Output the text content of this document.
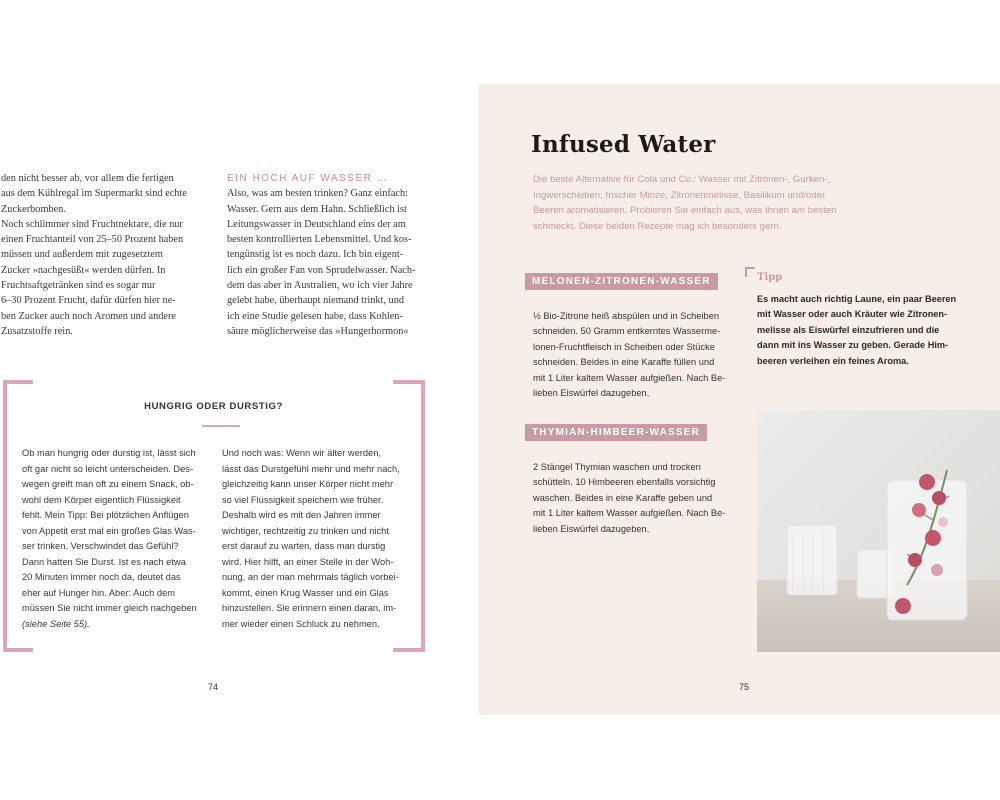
den nicht besser ab, vor allem die fertigen

aus dem Kühlregal im Supermarkt sind echte

Zuckerbomben.

Noch schlimmer sind Fruchtnektare, die nur

einen Fruchtanteil von 25–50 Prozent haben

müssen und außerdem mit zugesetztem

Zucker »nachgesüßt« werden dürfen. In

Fruchtsaftgetränken sind es sogar nur

6–30 Prozent Frucht, dafür dürfen hier ne-

ben Zucker auch noch Aromen und andere

Zusatzstoffe rein.

EIN HOCH AUF WASSER …

Also, was am besten trinken? Ganz einfach:

Wasser. Gern aus dem Hahn. Schließlich ist

Leitungswasser in Deutschland eins der am

besten kontrollierten Lebensmittel. Und kos-

tengünstig ist es noch dazu. Ich bin eigent-

lich ein großer Fan von Sprudelwasser. Nach-

dem das aber in Australien, wo ich vier Jahre

gelebt habe, überhaupt niemand trinkt, und

ich eine Studie gelesen habe, dass Kohlen-

säure möglicherweise das »Hungerhormon«

HUNGRIG ODER DURSTIG?

Ob man hungrig oder durstig ist, lässt sich

oft gar nicht so leicht unterscheiden. Des-

wegen greift man oft zu einem Snack, ob-

wohl dem Körper eigentlich Flüssigkeit

fehlt. Mein Tipp: Bei plötzlichen Anflügen

von Appetit erst mal ein großes Glas Was-

ser trinken. Verschwindet das Gefühl?

Dann hatten Sie Durst. Ist es nach etwa

20 Minuten immer noch da, deutet das

eher auf Hunger hin. Aber: Auch dem

müssen Sie nicht immer gleich nachgeben

(siehe Seite 55).

Und noch was: Wenn wir älter werden,

lässt das Durstgefühl mehr und mehr nach,

gleichzeitig kann unser Körper nicht mehr

so viel Flüssigkeit speichern wie früher.

Deshalb wird es mit den Jahren immer

wichtiger, rechtzeitig zu trinken und nicht

erst darauf zu warten, dass man durstig

wird. Hier hilft, an einer Stelle in der Woh-

nung, an der man mehrmals täglich vorbei-

kommt, einen Krug Wasser und ein Glas

hinzustellen. Sie erinnern einen daran, im-

mer wieder einen Schluck zu nehmen.

74
Infused Water

Die beste Alternative für Cola und Co.: Wasser mit Zitronen-, Gurken-,

Ingwerscheiben, frischer Minze, Zitronenmelisse, Basilikum und/oder

Beeren aromatisieren. Probieren Sie einfach aus, was Ihnen am besten

schmeckt. Diese beiden Rezepte mag ich besonders gern.

MELONEN-ZITRONEN-WASSER

½ Bio-Zitrone heiß abspülen und in Scheiben

schneiden. 50 Gramm entkerntes Wasserme-

lonen-Fruchtfleisch in Scheiben oder Stücke

schneiden. Beides in eine Karaffe füllen und

mit 1 Liter kaltem Wasser aufgießen. Nach Be-

lieben Eiswürfel dazugeben.

THYMIAN-HIMBEER-WASSER

2 Stängel Thymian waschen und trocken

schütteln. 10 Himbeeren ebenfalls vorsichtig

waschen. Beides in eine Karaffe geben und

mit 1 Liter kaltem Wasser aufgießen. Nach Be-

lieben Eiswürfel dazugeben.

Tipp

Es macht auch richtig Laune, ein paar Beeren

mit Wasser oder auch Kräuter wie Zitronen-

melisse als Eiswürfel einzufrieren und die

dann mit ins Wasser zu geben. Gerade Him-

beeren verleihen ein feines Aroma.

75
